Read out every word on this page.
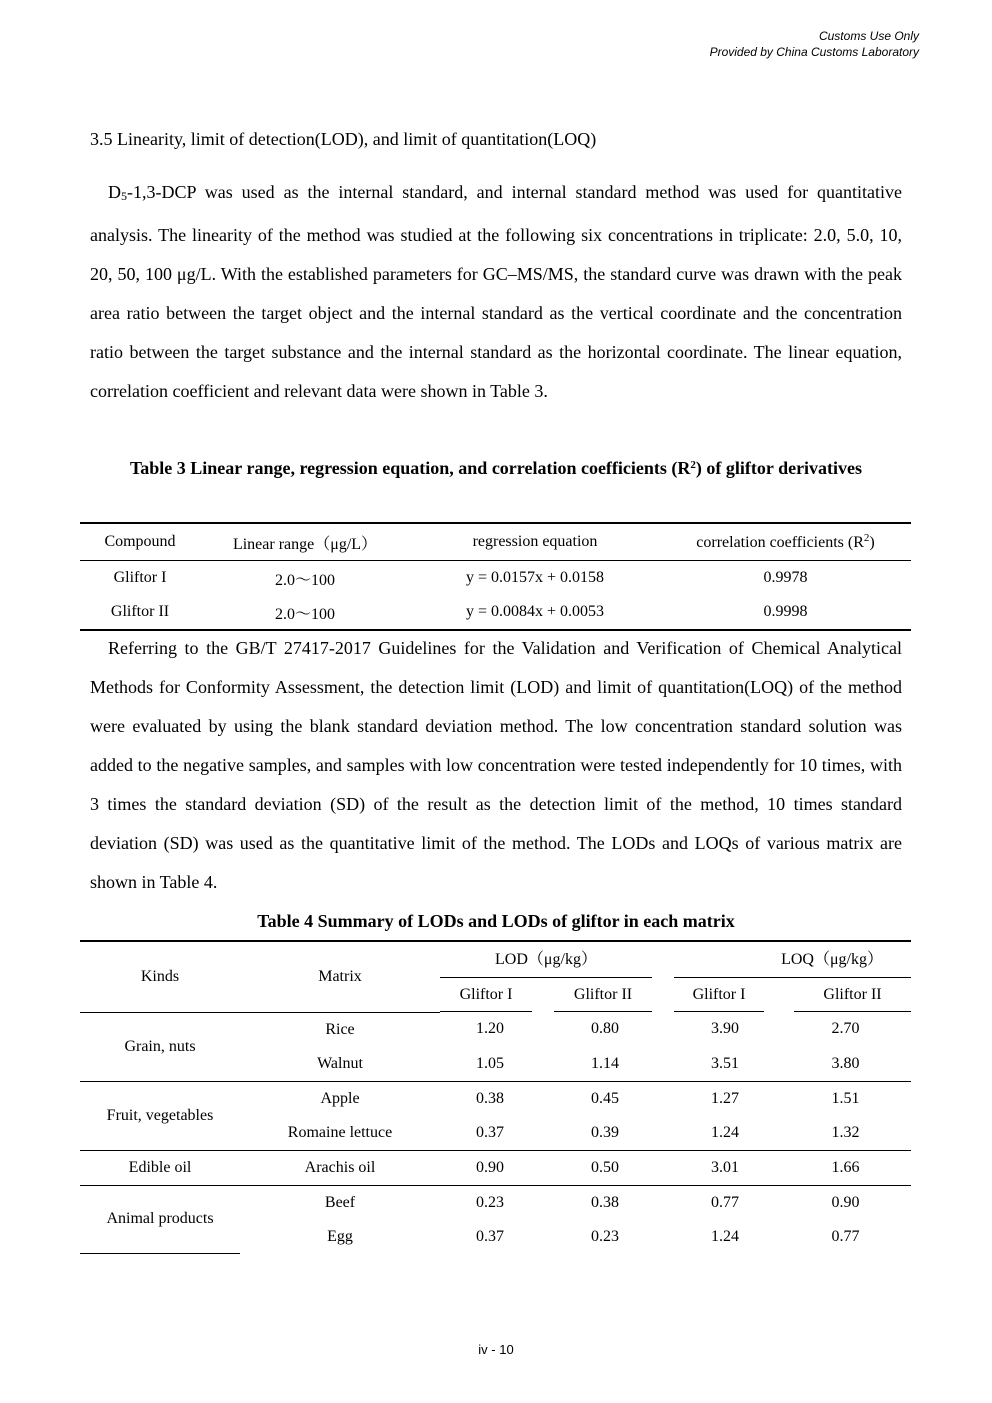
Customs Use Only
Provided by China Customs Laboratory
3.5 Linearity, limit of detection(LOD), and limit of quantitation(LOQ)
D5-1,3-DCP was used as the internal standard, and internal standard method was used for quantitative analysis. The linearity of the method was studied at the following six concentrations in triplicate: 2.0, 5.0, 10, 20, 50, 100 μg/L. With the established parameters for GC–MS/MS, the standard curve was drawn with the peak area ratio between the target object and the internal standard as the vertical coordinate and the concentration ratio between the target substance and the internal standard as the horizontal coordinate. The linear equation, correlation coefficient and relevant data were shown in Table 3.
Table 3 Linear range, regression equation, and correlation coefficients $(R^2)$ of gliftor derivatives
Compound	Linear range（μg/L）	regression equation	correlation coefficients $(R^2)$
Gliftor I	2.0～100	y = 0.0157x + 0.0158	0.9978
Gliftor II	2.0～100	y = 0.0084x + 0.0053	0.9998
Referring to the GB/T 27417-2017 Guidelines for the Validation and Verification of Chemical Analytical Methods for Conformity Assessment, the detection limit (LOD) and limit of quantitation(LOQ) of the method were evaluated by using the blank standard deviation method. The low concentration standard solution was added to the negative samples, and samples with low concentration were tested independently for 10 times, with 3 times the standard deviation (SD) of the result as the detection limit of the method, 10 times standard deviation (SD) was used as the quantitative limit of the method. The LODs and LOQs of various matrix are shown in Table 4.
Table 4 Summary of LODs and LODs of gliftor in each matrix
Kinds	Matrix	LOD（μg/kg）		LOQ（μg/kg）	

		Gliftor I	Gliftor II	Gliftor I	Gliftor II

Grain, nuts	Rice	1.20	0.80	3.90	2.70
	Walnut	1.05	1.14	3.51	3.80
Fruit, vegetables	Apple	0.38	0.45	1.27	1.51
	Romaine lettuce	0.37	0.39	1.24	1.32
Edible oil	Arachis oil	0.90	0.50	3.01	1.66
Animal products	Beef	0.23	0.38	0.77	0.90
	Egg	0.37	0.23	1.24	0.77
iv - 10
